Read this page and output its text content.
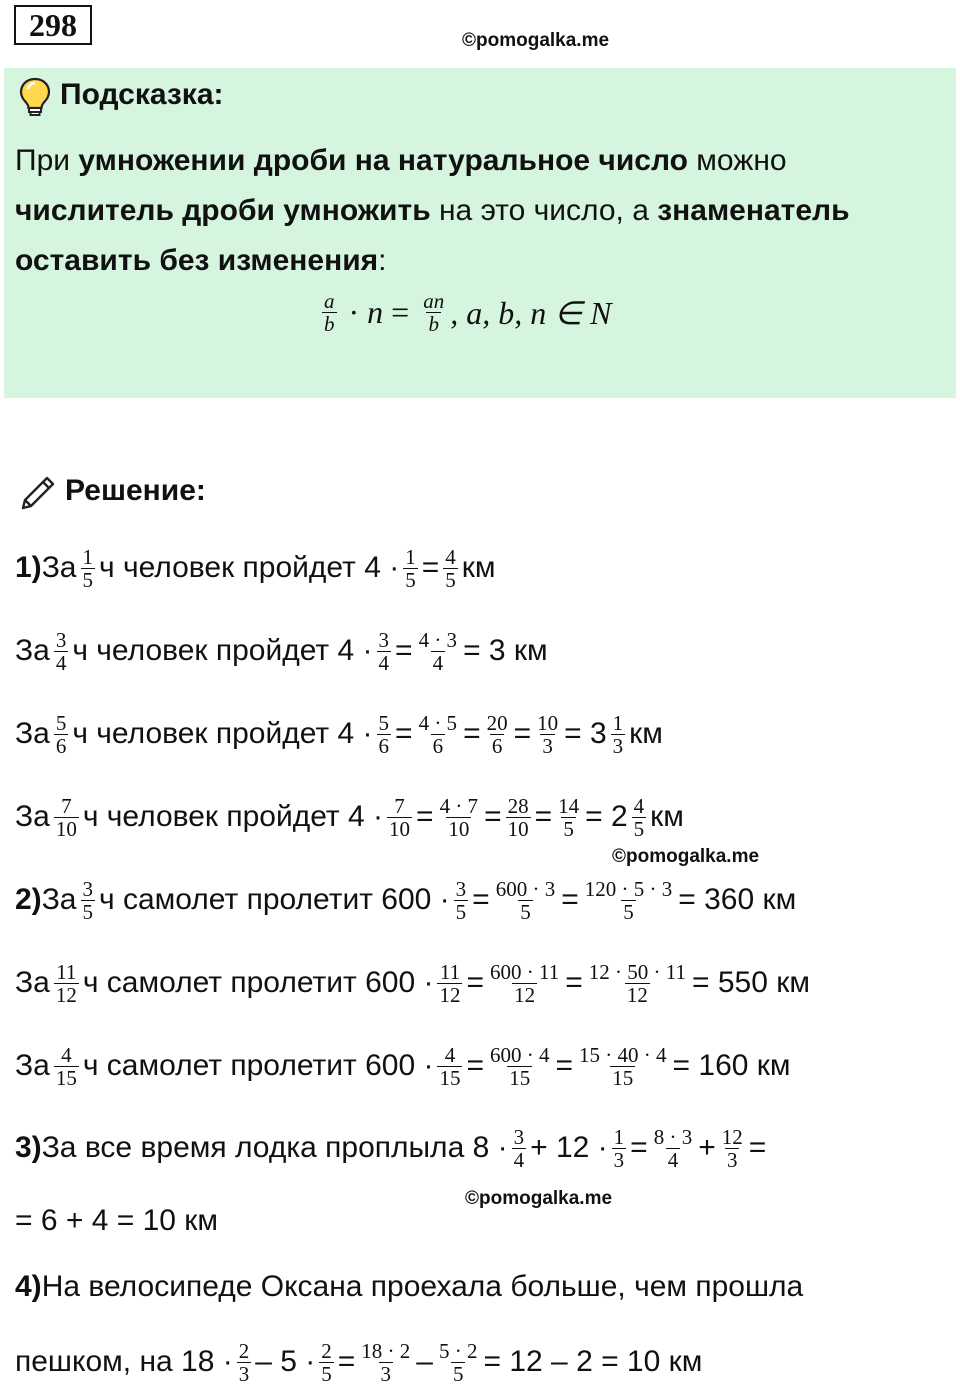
298	©pomogalka.me
Подсказка:
При умножении дроби на натуральное число можно
числитель дроби умножить на это число, а знаменатель
оставить без изменения:
$\frac{a}{b} \cdot n = \frac{an}{b}$ , a, b, n ∈ N
Решение:
1) За $\frac{1}{5}$ ч человек пройдет $4 \cdot \frac{1}{5} = \frac{4}{5}$ км
За $\frac{3}{4}$ ч человек пройдет $4 \cdot \frac{3}{4} = \frac{4 \cdot 3}{4} = 3$ км
За $\frac{5}{6}$ ч человек пройдет $4 \cdot \frac{5}{6} = \frac{4 \cdot 5}{6} = \frac{20}{6} = \frac{10}{3} = 3 \frac{1}{3}$ км
За $\frac{7}{10}$ ч человек пройдет $4 \cdot \frac{7}{10} = \frac{4 \cdot 7}{10} = \frac{28}{10} = \frac{14}{5} = 2 \frac{4}{5}$ км
©pomogalka.me
2) За $\frac{3}{5}$ ч самолет пролетит $600 \cdot \frac{3}{5} = \frac{600 \cdot 3}{5} = \frac{120 \cdot 5 \cdot 3}{5} = 360$ км
За $\frac{11}{12}$ ч самолет пролетит $600 \cdot \frac{11}{12} = \frac{600 \cdot 11}{12} = \frac{12 \cdot 50 \cdot 11}{12} = 550$ км
За $\frac{4}{15}$ ч самолет пролетит $600 \cdot \frac{4}{15} = \frac{600 \cdot 4}{15} = \frac{15 \cdot 40 \cdot 4}{15} = 160$ км
3) За все время лодка проплыла $8 \cdot \frac{3}{4} + 12 \cdot \frac{1}{3} = \frac{8 \cdot 3}{4} + \frac{12}{3}$ =
©pomogalka.me
= 6 + 4 = 10 км
4) На велосипеде Оксана проехала больше, чем прошла
пешком, на $18 \cdot \frac{2}{3} - 5 \cdot \frac{2}{5} = \frac{18 \cdot 2}{3} - \frac{5 \cdot 2}{5} = 12 - 2 = 10$ км
